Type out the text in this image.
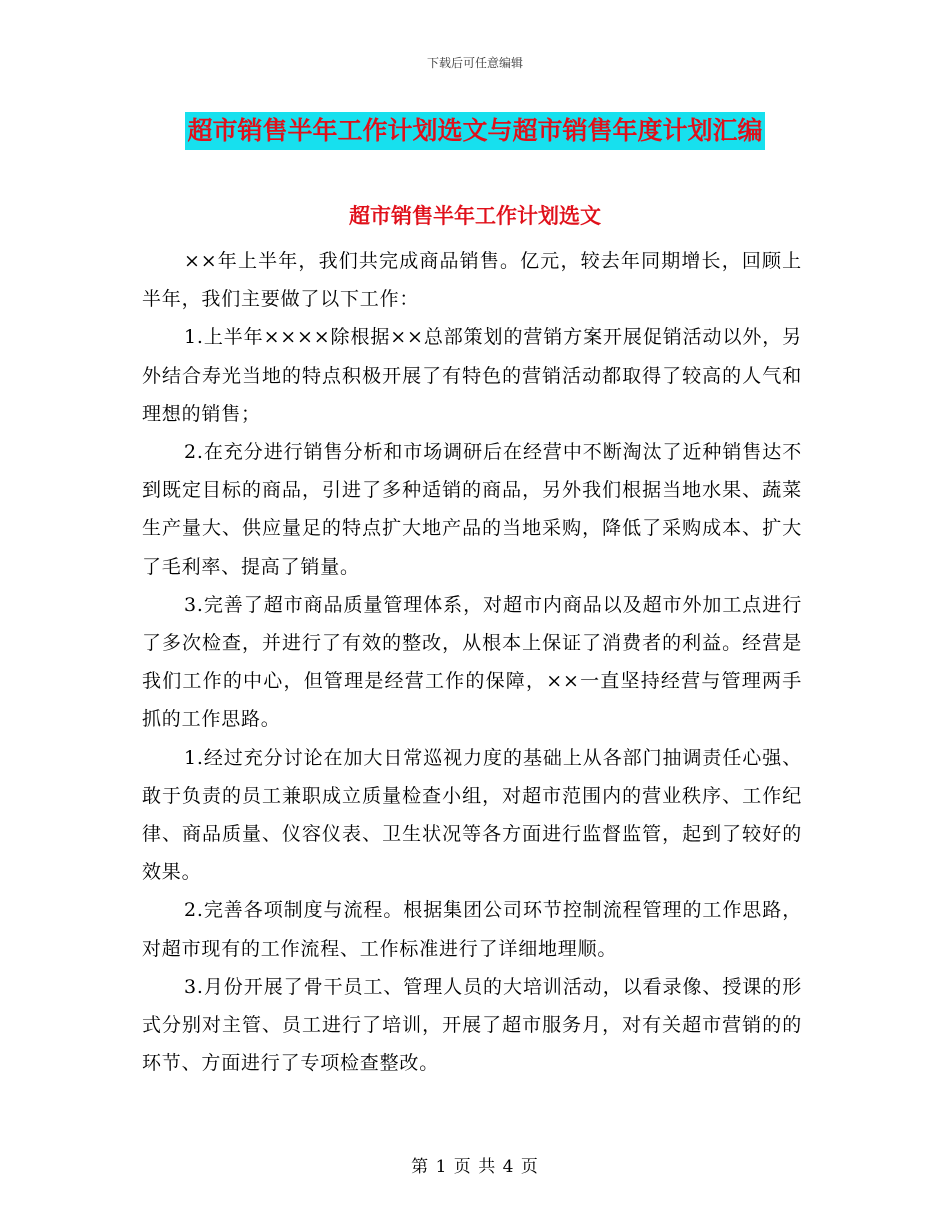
下载后可任意编辑
超市销售半年工作计划选文与超市销售年度计划汇编
超市销售半年工作计划选文

××年上半年，我们共完成商品销售。亿元，较去年同期增长，回顾上半年，我们主要做了以下工作：

1.上半年××××除根据××总部策划的营销方案开展促销活动以外，另外结合寿光当地的特点积极开展了有特色的营销活动都取得了较高的人气和理想的销售；

2.在充分进行销售分析和市场调研后在经营中不断淘汰了近种销售达不到既定目标的商品，引进了多种适销的商品，另外我们根据当地水果、蔬菜生产量大、供应量足的特点扩大地产品的当地采购，降低了采购成本、扩大了毛利率、提高了销量。

3.完善了超市商品质量管理体系，对超市内商品以及超市外加工点进行了多次检查，并进行了有效的整改，从根本上保证了消费者的利益。经营是我们工作的中心，但管理是经营工作的保障，××一直坚持经营与管理两手抓的工作思路。

1.经过充分讨论在加大日常巡视力度的基础上从各部门抽调责任心强、敢于负责的员工兼职成立质量检查小组，对超市范围内的营业秩序、工作纪律、商品质量、仪容仪表、卫生状况等各方面进行监督监管，起到了较好的效果。

2.完善各项制度与流程。根据集团公司环节控制流程管理的工作思路，对超市现有的工作流程、工作标准进行了详细地理顺。

3.月份开展了骨干员工、管理人员的大培训活动，以看录像、授课的形式分别对主管、员工进行了培训，开展了超市服务月，对有关超市营销的的环节、方面进行了专项检查整改。

第 1 页 共 4 页
